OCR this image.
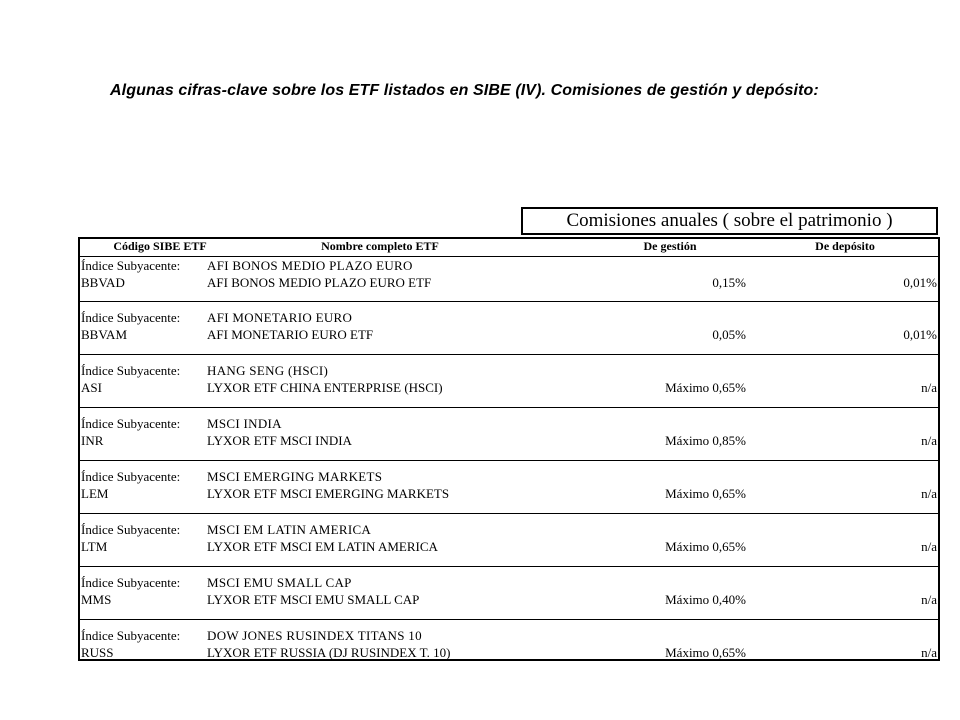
Algunas cifras-clave sobre los ETF listados en SIBE (IV). Comisiones de gestión y depósito:
Comisiones anuales ( sobre el patrimonio )
Código SIBE ETF	Nombre completo ETF	De gestión	De depósito
Índice Subyacente: AFI BONOS MEDIO PLAZO EURO
BBVAD	AFI BONOS MEDIO PLAZO EURO ETF	0,15%	0,01%
Índice Subyacente: AFI MONETARIO EURO
BBVAM	AFI MONETARIO EURO ETF	0,05%	0,01%
Índice Subyacente: HANG SENG (HSCI)
ASI	LYXOR ETF CHINA ENTERPRISE (HSCI)	Máximo 0,65%	n/a
Índice Subyacente: MSCI INDIA
INR	LYXOR ETF MSCI INDIA	Máximo 0,85%	n/a
Índice Subyacente: MSCI EMERGING MARKETS
LEM	LYXOR ETF MSCI EMERGING MARKETS	Máximo 0,65%	n/a
Índice Subyacente: MSCI EM LATIN AMERICA
LTM	LYXOR ETF MSCI EM LATIN AMERICA	Máximo 0,65%	n/a
Índice Subyacente: MSCI EMU SMALL CAP
MMS	LYXOR ETF MSCI EMU SMALL CAP	Máximo 0,40%	n/a
Índice Subyacente: DOW JONES RUSINDEX TITANS 10
RUSS	LYXOR ETF RUSSIA (DJ RUSINDEX T. 10)	Máximo 0,65%	n/a
